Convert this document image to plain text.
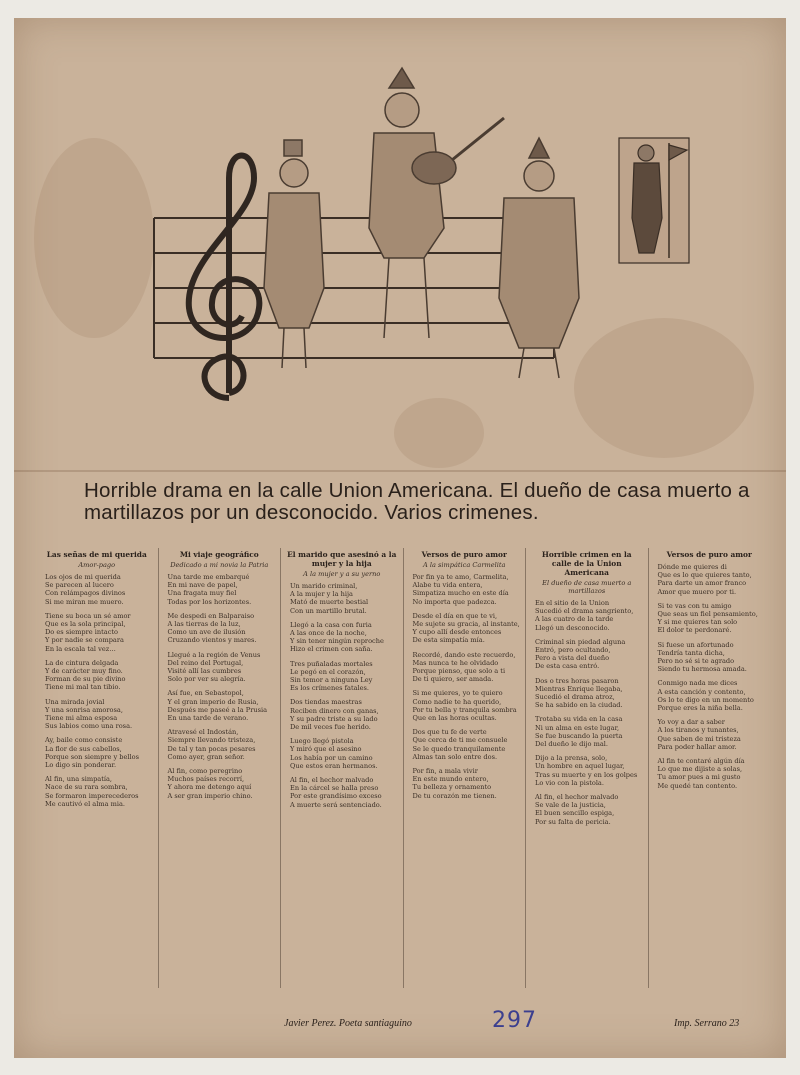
Horrible drama en la calle Union Americana. El dueño de casa muerto a martillazos por un desconocido. Varios crimenes.
Las señas de mi querida
Amor-pago

Los ojos de mi querida
Se parecen al lucero
Con relámpagos divinos
Si me miran me muero.

Tiene su boca un sé amor
Que es la sola principal,
Do es siempre intacto
Y por nadie se compara
En la escala tal vez…

La de cintura delgada
Y de carácter muy fino.
Forman de su pie divino
Tiene mi mal tan tibio.

Una mirada jovial
Y una sonrisa amorosa,
Tiene mi alma esposa
Sus labios como una rosa.

Ay, baile como consiste
La flor de sus cabellos,
Porque son siempre y bellos
Lo digo sin ponderar.

Al fin, una simpatía,
Nace de su rara sombra,
Se formaron imperecederos
Me cautivó el alma mia.

Mi viaje geográfico
Dedicado a mi novia la Patria

Una tarde me embarqué
En mi nave de papel,
Una fragata muy fiel
Todas por los horizontes.

Me despedi en Balparaiso
A las tierras de la luz,
Como un ave de ilusión
Cruzando vientos y mares.

Llegué a la región de Venus
Del reino del Portugal,
Visité allí las cumbres
Solo por ver su alegría.

Así fue, en Sebastopol,
Y el gran imperio de Rusia,
Después me paseé a la Prusia
En una tarde de verano.

Atravesé el Indostán,
Siempre llevando tristeza,
De tal y tan pocas pesares
Como ayer, gran señor.

Al fin, como peregrino
Muchos países recorrí,
Y ahora me detengo aquí
A ser gran imperio chino.

El marido que asesinó a la mujer y la hija
A la mujer y a su yerno

Un marido criminal,
A la mujer y la hija
Mató de muerte bestial
Con un martillo brutal.

Llegó a la casa con furia
A las once de la noche,
Y sin tener ningún reproche
Hizo el crimen con saña.

Tres puñaladas mortales
Le pegó en el corazón,
Sin temor a ninguna Ley
Es los crímenes fatales.

Dos tiendas maestras
Reciben dinero con ganas,
Y su padre triste a su lado
De mil veces fue herido.

Luego llegó pistola
Y miró que el asesino
Los había por un camino
Que estos eran hermanos.

Al fin, el hechor malvado
En la cárcel se halla preso
Por este grandísimo exceso
A muerte será sentenciado.

Versos de puro amor
A la simpática Carmelita

Por fin ya te amo, Carmelita,
Alabe tu vida entera,
Simpatiza mucho en este día
No importa que padezca.

Desde el día en que te vi,
Me sujete su gracia, al instante,
Y cupo allí desde entonces
De esta simpatía mía.

Recordé, dando este recuerdo,
Mas nunca te he olvidado
Porque pienso, que solo a ti
De ti quiero, ser amada.

Si me quieres, yo te quiero
Como nadie te ha querido,
Por tu bella y tranquila sombra
Que en las horas ocultas.

Dos que tu fe de verte
Que cerca de ti me consuele
Se le quedo tranquilamente
Almas tan solo entre dos.

Por fin, a mala vivir
En este mundo entero,
Tu belleza y ornamento
De tu corazón me tienen.

Horrible crimen en la calle de la Union Americana
El dueño de casa muerto a martillazos

En el sitio de la Union
Sucedió el drama sangriento,
A las cuatro de la tarde
Llegó un desconocido.

Criminal sin piedad alguna
Entró, pero ocultando,
Pero a vista del dueño
De esta casa entró.

Dos o tres horas pasaron
Mientras Enrique llegaba,
Sucedió el drama atroz,
Se ha sabido en la ciudad.

Trotaba su vida en la casa
Ni un alma en este lugar,
Se fue buscando la puerta
Del dueño le dijo mal.

Dijo a la prensa, solo,
Un hombre en aquel lugar,
Tras su muerte y en los golpes
Lo vio con la pistola.

Al fin, el hechor malvado
Se vale de la justicia,
El buen sencillo espiga,
Por su falta de pericia.

Versos de puro amor

Dónde me quieres di
Que es lo que quieres tanto,
Para darte un amor franco
Amor que muero por ti.

Si te vas con tu amigo
Que seas un fiel pensamiento,
Y si me quieres tan solo
El dolor te perdonaré.

Si fuese un afortunado
Tendría tanta dicha,
Pero no sé si te agrado
Siendo tu hermosa amada.

Conmigo nada me dices
A esta canción y contento,
Os lo te digo en un momento
Porque eres la niña bella.

Yo voy a dar a saber
A los tiranos y tunantes,
Que saben de mi tristeza
Para poder hallar amor.

Al fin te contaré algún día
Lo que me dijiste a solas,
Tu amor pues a mi gusto
Me quedé tan contento.

Javier Perez. Poeta santiaguino	297	Imp. Serrano 23
